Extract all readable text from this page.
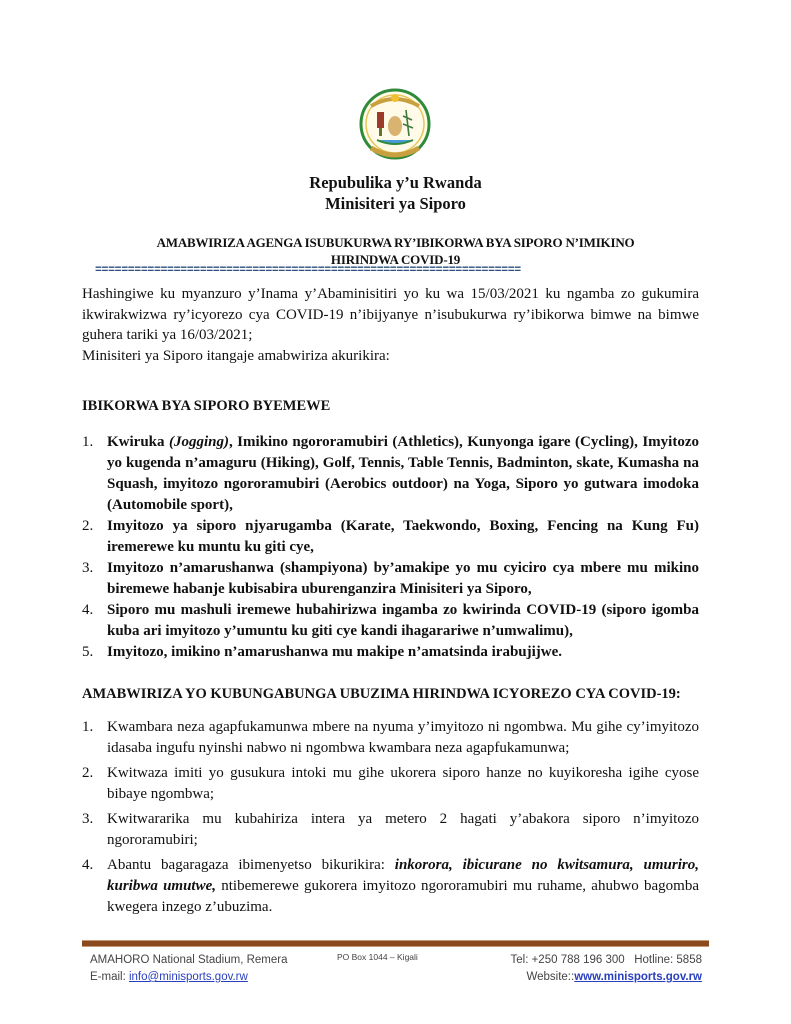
Repubulika y’u Rwanda
Minisiteri ya Siporo
AMABWIRIZA AGENGA ISUBUKURWA RY’IBIKORWA BYA SIPORO N’IMIKINO
HIRINDWA COVID-19
=================================================================

Hashingiwe ku myanzuro y’Inama y’Abaminisitiri yo ku wa 15/03/2021 ku ngamba zo gukumira ikwirakwizwa ry’icyorezo cya COVID-19 n’ibijyanye n’isubukurwa ry’ibikorwa bimwe na bimwe guhera tariki ya 16/03/2021;

Minisiteri ya Siporo itangaje amabwiriza akurikira:

IBIKORWA BYA SIPORO BYEMEWE
1. Kwiruka (Jogging), Imikino ngororamubiri (Athletics), Kunyonga igare (Cycling), Imyitozo yo kugenda n’amaguru (Hiking), Golf, Tennis, Table Tennis, Badminton, skate, Kumasha na Squash, imyitozo ngororamubiri (Aerobics outdoor) na Yoga, Siporo yo gutwara imodoka (Automobile sport),
2. Imyitozo ya siporo njyarugamba (Karate, Taekwondo, Boxing, Fencing na Kung Fu) iremerewe ku muntu ku giti cye,
3. Imyitozo n’amarushanwa (shampiyona) by’amakipe yo mu cyiciro cya mbere mu mikino biremewe habanje kubisabira uburenganzira Minisiteri ya Siporo,
4. Siporo mu mashuli iremewe hubahirizwa ingamba zo kwirinda COVID-19 (siporo igomba kuba ari imyitozo y’umuntu ku giti cye kandi ihagarariwe n’umwalimu),
5. Imyitozo, imikino n’amarushanwa mu makipe n’amatsinda irabujijwe.
AMABWIRIZA YO KUBUNGABUNGA UBUZIMA HIRINDWA ICYOREZO CYA COVID-19:
1. Kwambara neza agapfukamunwa mbere na nyuma y’imyitozo ni ngombwa. Mu gihe cy’imyitozo idasaba ingufu nyinshi nabwo ni ngombwa kwambara neza agapfukamunwa;
2. Kwitwaza imiti yo gusukura intoki mu gihe ukorera siporo hanze no kuyikoresha igihe cyose bibaye ngombwa;
3. Kwitwararika mu kubahiriza intera ya metero 2 hagati y’abakora siporo n’imyitozo ngororamubiri;
4. Abantu bagaragaza ibimenyetso bikurikira: inkorora, ibicurane no kwitsamura, umuriro, kuribwa umutwe, ntibemerewe gukorera imyitozo ngororamubiri mu ruhame, ahubwo bagomba kwegera inzego z’ubuzima.
AMAHORO National Stadium, Remera
E-mail: info@minisports.gov.rw
PO Box 1044 – Kigali	Tel: +250 788 196 300   Hotline: 5858
Website::www.minisports.gov.rw
